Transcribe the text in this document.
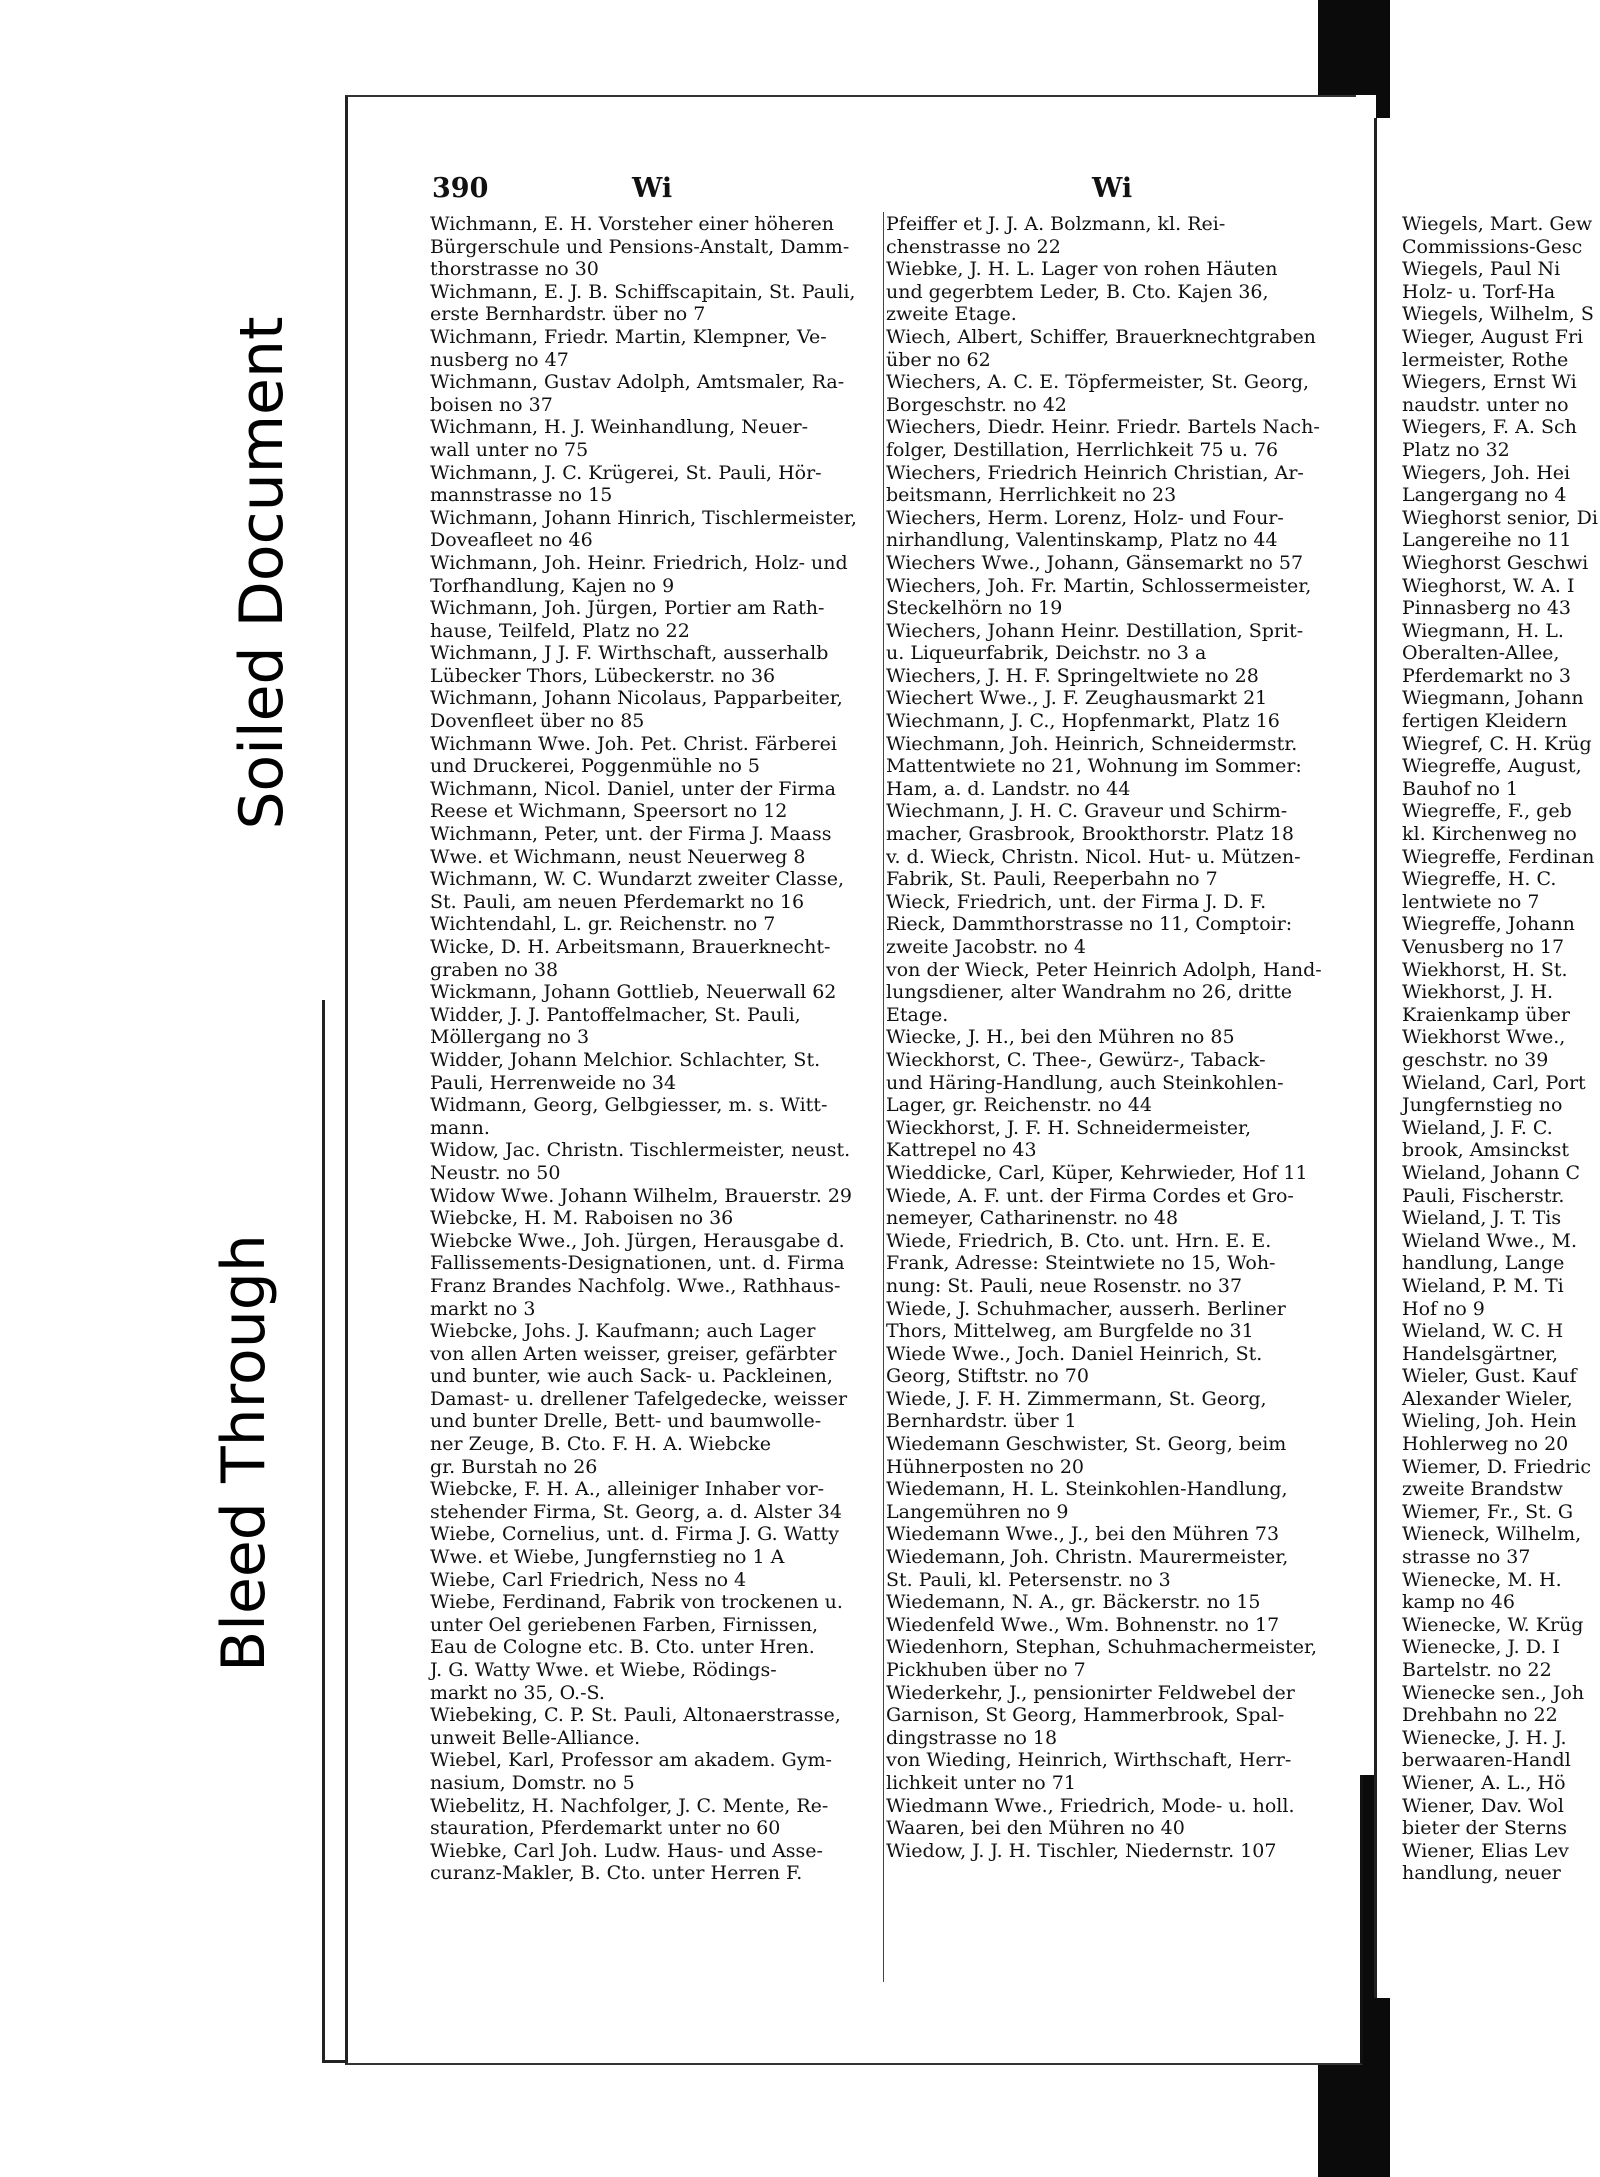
Soiled Document
Bleed Through
390	Wi	Wi

Wichmann, E. H. Vorsteher einer höheren

Bürgerschule und Pensions-Anstalt, Damm-

thorstrasse no 30

Wichmann, E. J. B. Schiffscapitain, St. Pauli,

erste Bernhardstr. über no 7

Wichmann, Friedr. Martin, Klempner, Ve-

nusberg no 47

Wichmann, Gustav Adolph, Amtsmaler, Ra-

boisen no 37

Wichmann, H. J. Weinhandlung, Neuer-

wall unter no 75

Wichmann, J. C. Krügerei, St. Pauli, Hör-

mannstrasse no 15

Wichmann, Johann Hinrich, Tischlermeister,

Doveafleet no 46

Wichmann, Joh. Heinr. Friedrich, Holz- und

Torfhandlung, Kajen no 9

Wichmann, Joh. Jürgen, Portier am Rath-

hause, Teilfeld, Platz no 22

Wichmann, J J. F. Wirthschaft, ausserhalb

Lübecker Thors, Lübeckerstr. no 36

Wichmann, Johann Nicolaus, Papparbeiter,

Dovenfleet über no 85

Wichmann Wwe. Joh. Pet. Christ. Färberei

und Druckerei, Poggenmühle no 5

Wichmann, Nicol. Daniel, unter der Firma

Reese et Wichmann, Speersort no 12

Wichmann, Peter, unt. der Firma J. Maass

Wwe. et Wichmann, neust Neuerweg 8

Wichmann, W. C. Wundarzt zweiter Classe,

St. Pauli, am neuen Pferdemarkt no 16

Wichtendahl, L. gr. Reichenstr. no 7

Wicke, D. H. Arbeitsmann, Brauerknecht-

graben no 38

Wickmann, Johann Gottlieb, Neuerwall 62

Widder, J. J. Pantoffelmacher, St. Pauli,

Möllergang no 3

Widder, Johann Melchior. Schlachter, St.

Pauli, Herrenweide no 34

Widmann, Georg, Gelbgiesser, m. s. Witt-

mann.

Widow, Jac. Christn. Tischlermeister, neust.

Neustr. no 50

Widow Wwe. Johann Wilhelm, Brauerstr. 29

Wiebcke, H. M. Raboisen no 36

Wiebcke Wwe., Joh. Jürgen, Herausgabe d.

Fallissements-Designationen, unt. d. Firma

Franz Brandes Nachfolg. Wwe., Rathhaus-

markt no 3

Wiebcke, Johs. J. Kaufmann; auch Lager

von allen Arten weisser, greiser, gefärbter

und bunter, wie auch Sack- u. Packleinen,

Damast- u. drellener Tafelgedecke, weisser

und bunter Drelle, Bett- und baumwolle-

ner Zeuge, B. Cto. F. H. A. Wiebcke

gr. Burstah no 26

Wiebcke, F. H. A., alleiniger Inhaber vor-

stehender Firma, St. Georg, a. d. Alster 34

Wiebe, Cornelius, unt. d. Firma J. G. Watty

Wwe. et Wiebe, Jungfernstieg no 1 A

Wiebe, Carl Friedrich, Ness no 4

Wiebe, Ferdinand, Fabrik von trockenen u.

unter Oel geriebenen Farben, Firnissen,

Eau de Cologne etc. B. Cto. unter Hren.

J. G. Watty Wwe. et Wiebe, Rödings-

markt no 35, O.-S.

Wiebeking, C. P. St. Pauli, Altonaerstrasse,

unweit Belle-Alliance.

Wiebel, Karl, Professor am akadem. Gym-

nasium, Domstr. no 5

Wiebelitz, H. Nachfolger, J. C. Mente, Re-

stauration, Pferdemarkt unter no 60

Wiebke, Carl Joh. Ludw. Haus- und Asse-

curanz-Makler, B. Cto. unter Herren F.

Pfeiffer et J. J. A. Bolzmann, kl. Rei-

chenstrasse no 22

Wiebke, J. H. L. Lager von rohen Häuten

und gegerbtem Leder, B. Cto. Kajen 36,

zweite Etage.

Wiech, Albert, Schiffer, Brauerknechtgraben

über no 62

Wiechers, A. C. E. Töpfermeister, St. Georg,

Borgeschstr. no 42

Wiechers, Diedr. Heinr. Friedr. Bartels Nach-

folger, Destillation, Herrlichkeit 75 u. 76

Wiechers, Friedrich Heinrich Christian, Ar-

beitsmann, Herrlichkeit no 23

Wiechers, Herm. Lorenz, Holz- und Four-

nirhandlung, Valentinskamp, Platz no 44

Wiechers Wwe., Johann, Gänsemarkt no 57

Wiechers, Joh. Fr. Martin, Schlossermeister,

Steckelhörn no 19

Wiechers, Johann Heinr. Destillation, Sprit-

u. Liqueurfabrik, Deichstr. no 3 a

Wiechers, J. H. F. Springeltwiete no 28

Wiechert Wwe., J. F. Zeughausmarkt 21

Wiechmann, J. C., Hopfenmarkt, Platz 16

Wiechmann, Joh. Heinrich, Schneidermstr.

Mattentwiete no 21, Wohnung im Sommer:

Ham, a. d. Landstr. no 44

Wiechmann, J. H. C. Graveur und Schirm-

macher, Grasbrook, Brookthorstr. Platz 18

v. d. Wieck, Christn. Nicol. Hut- u. Mützen-

Fabrik, St. Pauli, Reeperbahn no 7

Wieck, Friedrich, unt. der Firma J. D. F.

Rieck, Dammthorstrasse no 11, Comptoir:

zweite Jacobstr. no 4

von der Wieck, Peter Heinrich Adolph, Hand-

lungsdiener, alter Wandrahm no 26, dritte

Etage.

Wiecke, J. H., bei den Mühren no 85

Wieckhorst, C. Thee-, Gewürz-, Taback-

und Häring-Handlung, auch Steinkohlen-

Lager, gr. Reichenstr. no 44

Wieckhorst, J. F. H. Schneidermeister,

Kattrepel no 43

Wieddicke, Carl, Küper, Kehrwieder, Hof 11

Wiede, A. F. unt. der Firma Cordes et Gro-

nemeyer, Catharinenstr. no 48

Wiede, Friedrich, B. Cto. unt. Hrn. E. E.

Frank, Adresse: Steintwiete no 15, Woh-

nung: St. Pauli, neue Rosenstr. no 37

Wiede, J. Schuhmacher, ausserh. Berliner

Thors, Mittelweg, am Burgfelde no 31

Wiede Wwe., Joch. Daniel Heinrich, St.

Georg, Stiftstr. no 70

Wiede, J. F. H. Zimmermann, St. Georg,

Bernhardstr. über 1

Wiedemann Geschwister, St. Georg, beim

Hühnerposten no 20

Wiedemann, H. L. Steinkohlen-Handlung,

Langemühren no 9

Wiedemann Wwe., J., bei den Mühren 73

Wiedemann, Joh. Christn. Maurermeister,

St. Pauli, kl. Petersenstr. no 3

Wiedemann, N. A., gr. Bäckerstr. no 15

Wiedenfeld Wwe., Wm. Bohnenstr. no 17

Wiedenhorn, Stephan, Schuhmachermeister,

Pickhuben über no 7

Wiederkehr, J., pensionirter Feldwebel der

Garnison, St Georg, Hammerbrook, Spal-

dingstrasse no 18

von Wieding, Heinrich, Wirthschaft, Herr-

lichkeit unter no 71

Wiedmann Wwe., Friedrich, Mode- u. holl.

Waaren, bei den Mühren no 40

Wiedow, J. J. H. Tischler, Niedernstr. 107

Wiegels, Mart. Gew

Commissions-Gesc

Wiegels, Paul Ni

Holz- u. Torf-Ha

Wiegels, Wilhelm, S

Wieger, August Fri

lermeister, Rothe

Wiegers, Ernst Wi

naudstr. unter no

Wiegers, F. A. Sch

Platz no 32

Wiegers, Joh. Hei

Langergang no 4

Wieghorst senior, Di

Langereihe no 11

Wieghorst Geschwi

Wieghorst, W. A. I

Pinnasberg no 43

Wiegmann, H. L.

Oberalten-Allee,

Pferdemarkt no 3

Wiegmann, Johann

fertigen Kleidern

Wiegref, C. H. Krüg

Wiegreffe, August,

Bauhof no 1

Wiegreffe, F., geb

kl. Kirchenweg no

Wiegreffe, Ferdinan

Wiegreffe, H. C.

lentwiete no 7

Wiegreffe, Johann

Venusberg no 17

Wiekhorst, H. St.

Wiekhorst, J. H.

Kraienkamp über

Wiekhorst Wwe.,

geschstr. no 39

Wieland, Carl, Port

Jungfernstieg no

Wieland, J. F. C.

brook, Amsinckst

Wieland, Johann C

Pauli, Fischerstr.

Wieland, J. T. Tis

Wieland Wwe., M.

handlung, Lange

Wieland, P. M. Ti

Hof no 9

Wieland, W. C. H

Handelsgärtner,

Wieler, Gust. Kauf

Alexander Wieler,

Wieling, Joh. Hein

Hohlerweg no 20

Wiemer, D. Friedric

zweite Brandstw

Wiemer, Fr., St. G

Wieneck, Wilhelm,

strasse no 37

Wienecke, M. H.

kamp no 46

Wienecke, W. Krüg

Wienecke, J. D. I

Bartelstr. no 22

Wienecke sen., Joh

Drehbahn no 22

Wienecke, J. H. J.

berwaaren-Handl

Wiener, A. L., Hö

Wiener, Dav. Wol

bieter der Sterns

Wiener, Elias Lev

handlung, neuer
